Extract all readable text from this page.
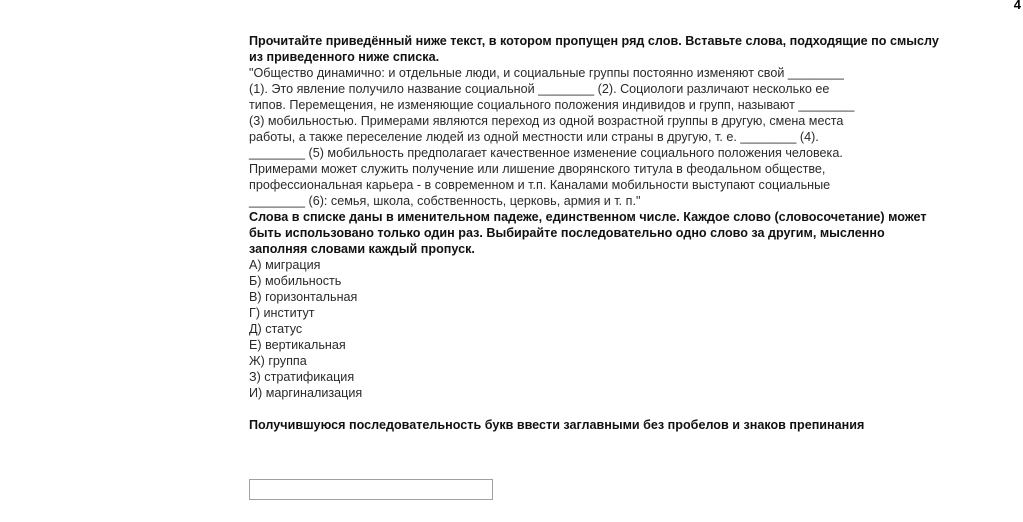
4
Прочитайте приведённый ниже текст, в котором пропущен ряд слов. Вставьте слова, подходящие по смыслу из приведенного ниже списка.
"Общество динамично: и отдельные люди, и социальные группы постоянно изменяют свой ________
(1). Это явление получило название социальной ________ (2). Социологи различают несколько ее
типов. Перемещения, не изменяющие социального положения индивидов и групп, называют ________
(3) мобильностью. Примерами являются переход из одной возрастной группы в другую, смена места
работы, а также переселение людей из одной местности или страны в другую, т. е. ________ (4).
________ (5) мобильность предполагает качественное изменение социального положения человека.
Примерами может служить получение или лишение дворянского титула в феодальном обществе,
профессиональная карьера - в современном и т.п. Каналами мобильности выступают социальные
________ (6): семья, школа, собственность, церковь, армия и т. п."
Слова в списке даны в именительном падеже, единственном числе. Каждое слово (словосочетание) может быть использовано только один раз. Выбирайте последовательно одно слово за другим, мысленно заполняя словами каждый пропуск.
А) миграция
Б) мобильность
В) горизонтальная
Г) институт
Д) статус
Е) вертикальная
Ж) группа
З) стратификация
И) маргинализация
Получившуюся последовательность букв ввести заглавными без пробелов и знаков препинания
